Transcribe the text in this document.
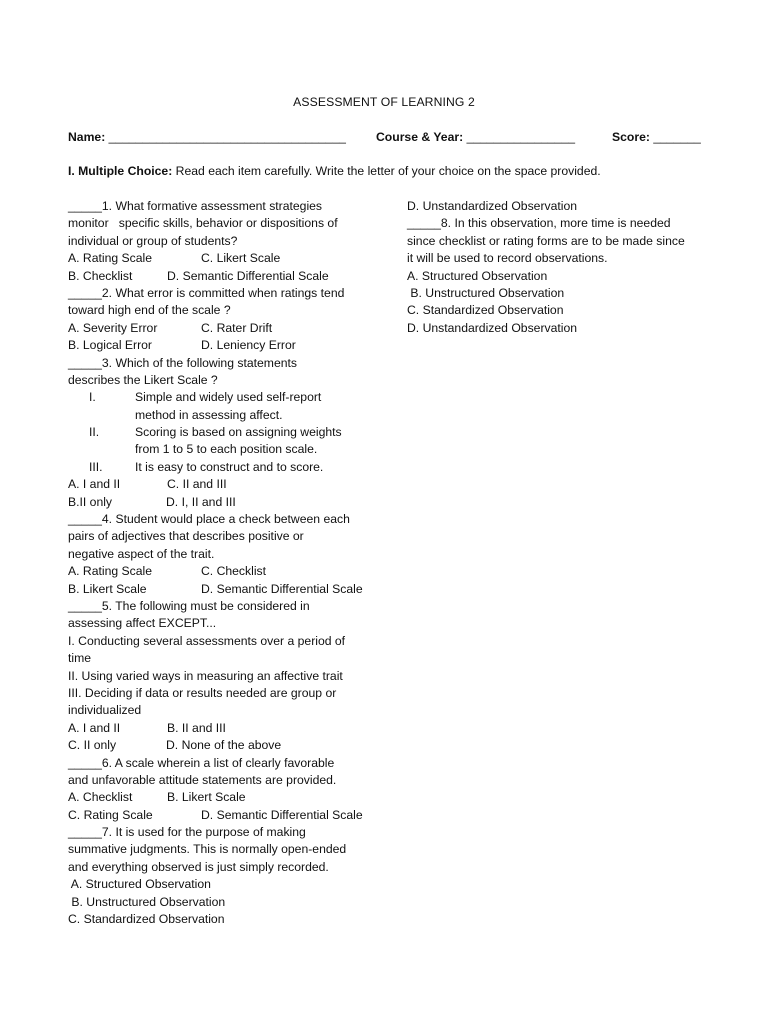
ASSESSMENT OF LEARNING 2
Name: ___________________________________ Course & Year: ________________	Score: _______
I. Multiple Choice: Read each item carefully. Write the letter of your choice on the space provided.
_____1. What formative assessment strategies
monitor   specific skills, behavior or dispositions of
individual or group of students?
A. Rating Scale	C. Likert Scale
B. Checklist	D. Semantic Differential Scale
_____2. What error is committed when ratings tend
toward high end of the scale ?
A. Severity Error	C. Rater Drift
B. Logical Error	D. Leniency Error
_____3. Which of the following statements
describes the Likert Scale ?
I.	Simple and widely used self-report
method in assessing affect.
II.	Scoring is based on assigning weights
from 1 to 5 to each position scale.
III.	It is easy to construct and to score.
A. I and II	C. II and III
B.II only	D. I, II and III
_____4. Student would place a check between each
pairs of adjectives that describes positive or
negative aspect of the trait.
A. Rating Scale	C. Checklist
B. Likert Scale	D. Semantic Differential Scale
_____5. The following must be considered in
assessing affect EXCEPT...
I. Conducting several assessments over a period of
time
II. Using varied ways in measuring an affective trait
III. Deciding if data or results needed are group or
individualized
A. I and II	B. II and III
C. II only	D. None of the above
_____6. A scale wherein a list of clearly favorable
and unfavorable attitude statements are provided.
A. Checklist	B. Likert Scale
C. Rating Scale	D. Semantic Differential Scale
_____7. It is used for the purpose of making
summative judgments. This is normally open-ended
and everything observed is just simply recorded.
A. Structured Observation
B. Unstructured Observation
C. Standardized Observation
D. Unstandardized Observation
_____8. In this observation, more time is needed
since checklist or rating forms are to be made since
it will be used to record observations.
A. Structured Observation
B. Unstructured Observation
C. Standardized Observation
D. Unstandardized Observation
